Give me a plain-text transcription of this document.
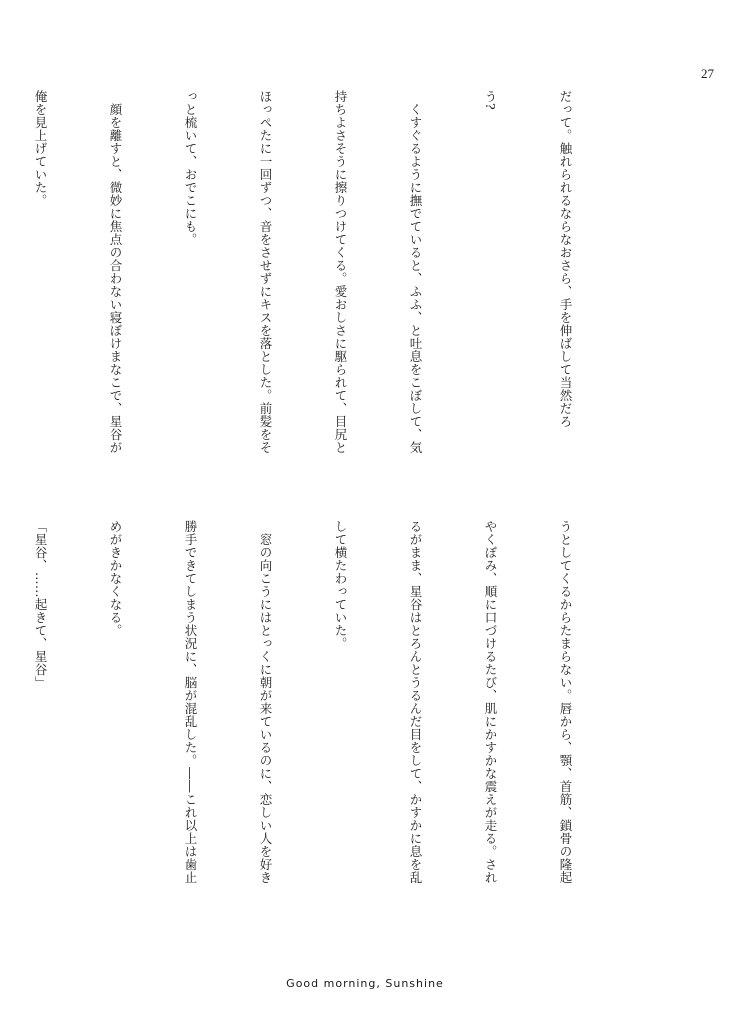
27

だって。触れられるならなおさら、手を伸ばして当然だろ

う?

　くすぐるように撫でていると、ふふ、と吐息をこぼして、気

持ちよさそうに擦りつけてくる。愛おしさに駆られて、目尻と

ほっぺたに一回ずつ、音をさせずにキスを落とした。前髪をそ

っと梳いて、おでこにも。

　顔を離すと、微妙に焦点の合わない寝ぼけまなこで、星谷が

俺を見上げていた。

うとしてくるからたまらない。唇から、顎、首筋、鎖骨の隆起

やくぼみ、順に口づけるたび、肌にかすかな震えが走る。され

るがまま、星谷はとろんとうるんだ目をして、かすかに息を乱

して横たわっていた。

　窓の向こうにはとっくに朝が来ているのに、恋しい人を好き

勝手できてしまう状況に、脳が混乱した。――これ以上は歯止

めがきかなくなる。

「星谷、……起きて、星谷」

Good morning, Sunshine
